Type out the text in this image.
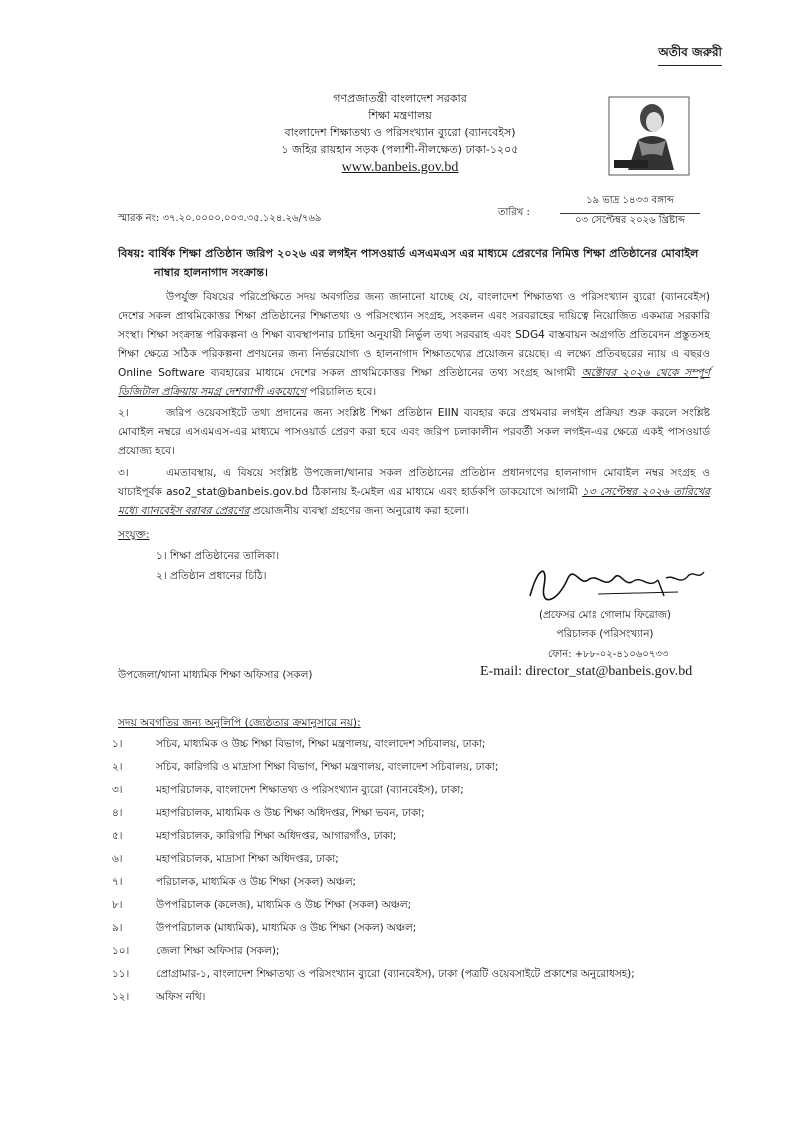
অতীব জরুরী
গণপ্রজাতন্ত্রী বাংলাদেশ সরকার
শিক্ষা মন্ত্রণালয়
বাংলাদেশ শিক্ষাতথ্য ও পরিসংখ্যান ব্যুরো (ব্যানবেইস)
১ জহির রায়হান সড়ক (পলাশী-নীলক্ষেত) ঢাকা-১২০৫
www.banbeis.gov.bd
স্মারক নং: ৩৭.২০.০০০০.০০৩.৩৫.১২৪.২৬/৭৬৯
তারিখ :
১৯ ভাদ্র ১৪৩৩ বঙ্গাব্দ
০৩ সেপ্টেম্বর ২০২৬ খ্রিষ্টাব্দ
বিষয়: বার্ষিক শিক্ষা প্রতিষ্ঠান জরিপ ২০২৬ এর লগইন পাসওয়ার্ড এসএমএস এর মাধ্যমে প্রেরণের নিমিত্ত শিক্ষা প্রতিষ্ঠানের মোবাইল
নাম্বার হালনাগাদ সংক্রান্ত।
উপর্যুক্ত বিষয়ের পরিপ্রেক্ষিতে সদয় অবগতির জন্য জানানো যাচ্ছে যে, বাংলাদেশ শিক্ষাতথ্য ও পরিসংখ্যান ব্যুরো (ব্যানবেইস) দেশের সকল প্রাথমিকোত্তর শিক্ষা প্রতিষ্ঠানের শিক্ষাতথ্য ও পরিসংখ্যান সংগ্রহ, সংকলন এবং সরবরাহের দায়িত্বে নিয়োজিত একমাত্র সরকারি সংস্থা। শিক্ষা সংক্রান্ত পরিকল্পনা ও শিক্ষা ব্যবস্থাপনার চাহিদা অনুযায়ী নির্ভুল তথ্য সরবরাহ এবং SDG4 বাস্তবায়ন অগ্রগতি প্রতিবেদন প্রস্তুতসহ শিক্ষা ক্ষেত্রে সঠিক পরিকল্পনা প্রণয়নের জন্য নির্ভরযোগ্য ও হালনাগাদ শিক্ষাতথ্যের প্রয়োজন রয়েছে। এ লক্ষ্যে প্রতিবছরের ন্যায় এ বছরও Online Software ব্যবহারের মাধ্যমে দেশের সকল প্রাথমিকোত্তর শিক্ষা প্রতিষ্ঠানের তথ্য সংগ্রহ আগামী অক্টোবর ২০২৬ থেকে সম্পূর্ণ ডিজিটাল প্রক্রিয়ায় সমগ্র দেশব্যাপী একযোগে পরিচালিত হবে।
২।	জরিপ ওয়েবসাইটে তথ্য প্রদানের জন্য সংশ্লিষ্ট শিক্ষা প্রতিষ্ঠান EIIN ব্যবহার করে প্রথমবার লগইন প্রক্রিয়া শুরু করলে সংশ্লিষ্ট মোবাইল নম্বরে এসএমএস-এর মাধ্যমে পাসওয়ার্ড প্রেরণ করা হবে এবং জরিপ চলাকালীন পরবর্তী সকল লগইন-এর ক্ষেত্রে একই পাসওয়ার্ড প্রযোজ্য হবে।
৩।	এমতাবস্থায়, এ বিষয়ে সংশ্লিষ্ট উপজেলা/থানার সকল প্রতিষ্ঠানের প্রতিষ্ঠান প্রধানগণের হালনাগাদ মোবাইল নম্বর সংগ্রহ ও যাচাইপূর্বক aso2_stat@banbeis.gov.bd ঠিকানায় ই-মেইল এর মাধ্যমে এবং হার্ডকপি ডাকযোগে আগামী ১৩ সেপ্টেম্বর ২০২৬ তারিখের মধ্যে ব্যানবেইস বরাবর প্রেরণের প্রয়োজনীয় ব্যবস্থা গ্রহণের জন্য অনুরোধ করা হলো।
সংযুক্ত:
১। শিক্ষা প্রতিষ্ঠানের তালিকা।
২। প্রতিষ্ঠান প্রধানের চিঠি।
(প্রফেসর মোঃ গোলাম ফিরোজ)
পরিচালক (পরিসংখ্যান)
ফোন: +৮৮-০২-৪১০৬০৭৩৩
E-mail: director_stat@banbeis.gov.bd
উপজেলা/থানা মাধ্যমিক শিক্ষা অফিসার (সকল)
সদয় অবগতির জন্য অনুলিপি (জ্যেষ্ঠতার ক্রমানুসারে নয়):
১।	সচিব, মাধ্যমিক ও উচ্চ শিক্ষা বিভাগ, শিক্ষা মন্ত্রণালয়, বাংলাদেশ সচিবালয়, ঢাকা;
২।	সচিব, কারিগরি ও মাদ্রাসা শিক্ষা বিভাগ, শিক্ষা মন্ত্রণালয়, বাংলাদেশ সচিবালয়, ঢাকা;
৩।	মহাপরিচালক, বাংলাদেশ শিক্ষাতথ্য ও পরিসংখ্যান ব্যুরো (ব্যানবেইস), ঢাকা;
৪।	মহাপরিচালক, মাধ্যমিক ও উচ্চ শিক্ষা অধিদপ্তর, শিক্ষা ভবন, ঢাকা;
৫।	মহাপরিচালক, কারিগরি শিক্ষা অধিদপ্তর, আগারগাঁও, ঢাকা;
৬।	মহাপরিচালক, মাদ্রাসা শিক্ষা অধিদপ্তর, ঢাকা;
৭।	পরিচালক, মাধ্যমিক ও উচ্চ শিক্ষা (সকল) অঞ্চল;
৮।	উপপরিচালক (কলেজ), মাধ্যমিক ও উচ্চ শিক্ষা (সকল) অঞ্চল;
৯।	উপপরিচালক (মাধ্যমিক), মাধ্যমিক ও উচ্চ শিক্ষা (সকল) অঞ্চল;
১০।	জেলা শিক্ষা অফিসার (সকল);
১১।	প্রোগ্রামার-১, বাংলাদেশ শিক্ষাতথ্য ও পরিসংখ্যান ব্যুরো (ব্যানবেইস), ঢাকা (পত্রটি ওয়েবসাইটে প্রকাশের অনুরোধসহ);
১২।	অফিস নথি।
